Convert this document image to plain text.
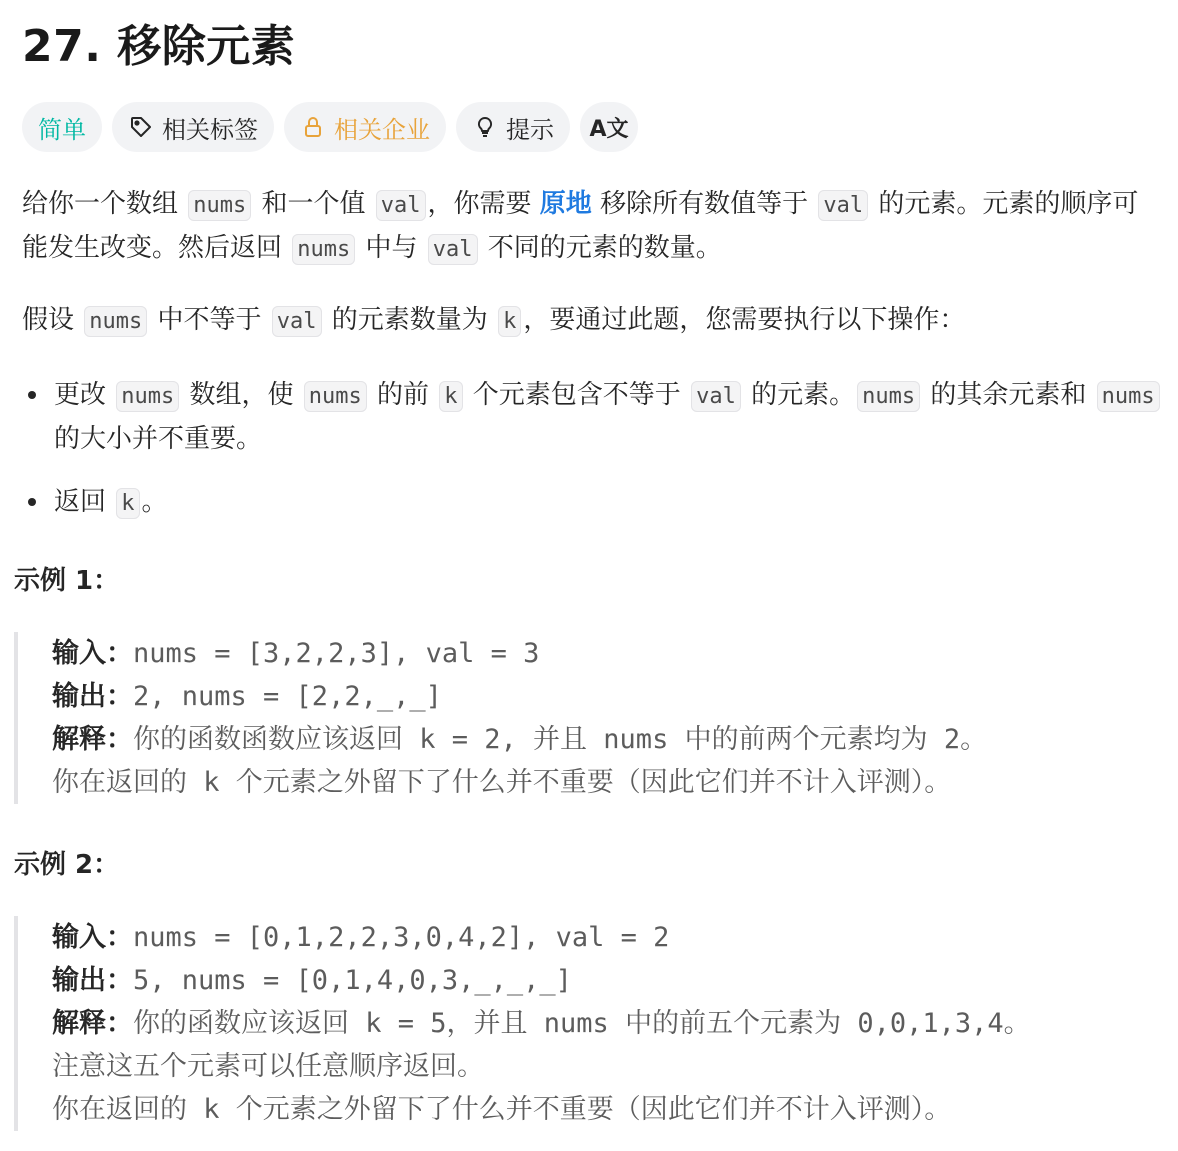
27. 移除元素
简单	相关标签	相关企业	提示 A文

给你一个数组 nums 和一个值 val ，你需要 原地 移除所有数值等于 val 的元素。元素的顺序可能发生改变。然后返回 nums 中与 val 不同的元素的数量。

假设 nums 中不等于 val 的元素数量为 k ，要通过此题，您需要执行以下操作：

更改 nums 数组，使 nums 的前 k 个元素包含不等于 val 的元素。 nums 的其余元素和 nums 的大小并不重要。
返回 k 。
示例 1：
输入：nums = [3,2,2,3], val = 3
输出：2, nums = [2,2,_,_]
解释：你的函数函数应该返回 k = 2, 并且 nums 中的前两个元素均为 2。
你在返回的 k 个元素之外留下了什么并不重要（因此它们并不计入评测）。
示例 2：
输入：nums = [0,1,2,2,3,0,4,2], val = 2
输出：5, nums = [0,1,4,0,3,_,_,_]
解释：你的函数应该返回 k = 5，并且 nums 中的前五个元素为 0,0,1,3,4。
注意这五个元素可以任意顺序返回。
你在返回的 k 个元素之外留下了什么并不重要（因此它们并不计入评测）。
